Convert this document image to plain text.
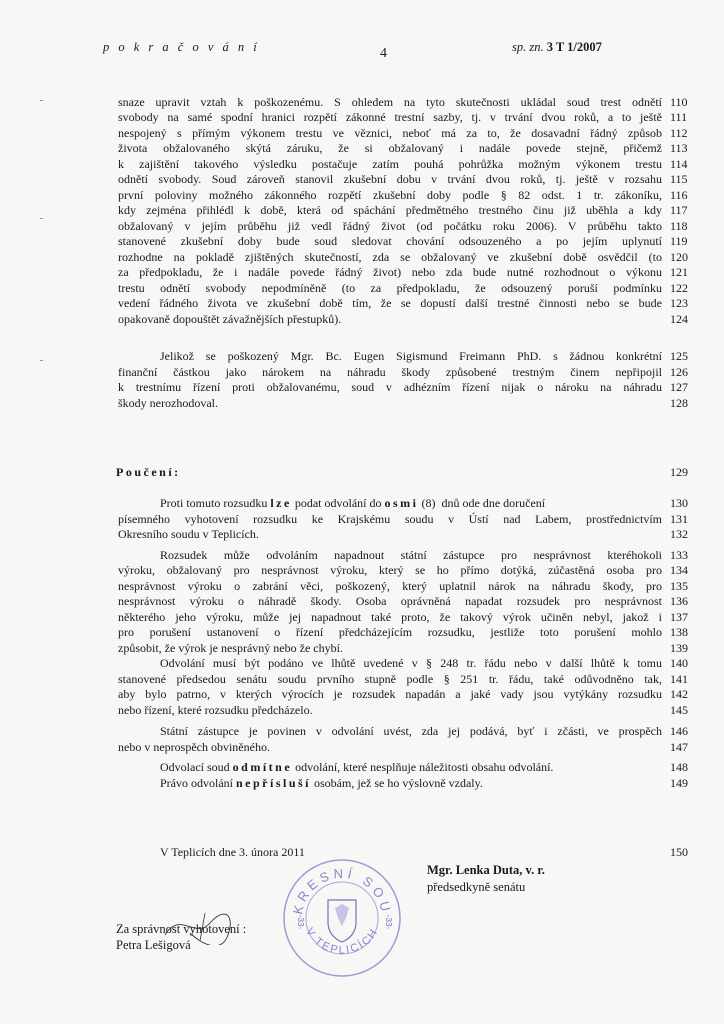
p o k r a č o v á n í	4	sp. zn. 3 T 1/2007
snaze upravit vztah k poškozenému. S ohledem na tyto skutečnosti ukládal soud trest odnětí 110
svobody na samé spodní hranici rozpětí zákonné trestní sazby, tj. v trvání dvou roků, a to ještě 111
nespojený s přímým výkonem trestu ve věznici, neboť má za to, že dosavadní řádný způsob 112
života obžalovaného skýtá záruku, že si obžalovaný i nadále povede stejně, přičemž 113
k zajištění takového výsledku postačuje zatím pouhá pohrůžka možným výkonem trestu 114
odnětí svobody. Soud zároveň stanovil zkušební dobu v trvání dvou roků, tj. ještě v rozsahu 115
první poloviny možného zákonného rozpětí zkušební doby podle § 82 odst. 1 tr. zákoníku, 116
kdy zejména přihlédl k době, která od spáchání předmětného trestného činu již uběhla a kdy 117
obžalovaný v jejím průběhu již vedl řádný život (od počátku roku 2006). V průběhu takto 118
stanovené zkušební doby bude soud sledovat chování odsouzeného a po jejím uplynutí 119
rozhodne na pokladě zjištěných skutečností, zda se obžalovaný ve zkušební době osvědčil (to 120
za předpokladu, že i nadále povede řádný život) nebo zda bude nutné rozhodnout o výkonu 121
trestu odnětí svobody nepodmíněně (to za předpokladu, že odsouzený poruší podmínku 122
vedení řádného života ve zkušební době tím, že se dopustí další trestné činnosti nebo se bude 123
opakovaně dopouštět závažnějších přestupků).	124
Jelikož se poškozený Mgr. Bc. Eugen Sigismund Freimann PhD. s žádnou konkrétní 125
finanční částkou jako nárokem na náhradu škody způsobené trestným činem nepřipojil 126
k trestnímu řízení proti obžalovanému, soud v adhézním řízení nijak o nároku na náhradu 127
škody nerozhodoval.	128
Poučení:	129
Proti tomuto rozsudku lze podat odvolání do osmi (8)  dnů ode dne doručení	130
písemného vyhotovení rozsudku ke Krajskému soudu v Ústí nad Labem, prostřednictvím 131
Okresního soudu v Teplicích.	132
Rozsudek může odvoláním napadnout státní zástupce pro nesprávnost kteréhokoli 133
výroku, obžalovaný pro nesprávnost výroku, který se ho přímo dotýká, zúčastěná osoba pro 134
nesprávnost výroku o zabrání věci, poškozený, který uplatnil nárok na náhradu škody, pro 135
nesprávnost výroku o náhradě škody. Osoba oprávněná napadat rozsudek pro nesprávnost 136
některého jeho výroku, může jej napadnout také proto, že takový výrok učiněn nebyl, jakož i 137
pro porušení ustanovení o řízení předcházejícím rozsudku, jestliže toto porušení mohlo 138
způsobit, že výrok je nesprávný nebo že chybí.	139
Odvolání musí být podáno ve lhůtě uvedené v § 248 tr. řádu nebo v další lhůtě k tomu 140
stanovené předsedou senátu soudu prvního stupně podle § 251 tr. řádu, také odůvodněno tak, 141
aby bylo patrno, v kterých výrocích je rozsudek napadán a jaké vady jsou vytýkány rozsudku 142
nebo řízení, které rozsudku předcházelo.	145
Státní zástupce je povinen v odvolání uvést, zda jej podává, byť i zčásti, ve prospěch 146
nebo v neprospěch obviněného.	147
Odvolací soud odmítne odvolání, které nesplňuje náležitosti obsahu odvolání.	148
Právo odvolání nepřísluší osobám, jež se ho výslovně vzdaly.	149
V Teplicích dne 3. února 2011	150
KRESNÍ SOU
V TEPLICÍCH
-33-	-33-
Mgr. Lenka Duta, v. r.
předsedkyně senátu
Za správnost vyhotovení :
Petra Lešigová
